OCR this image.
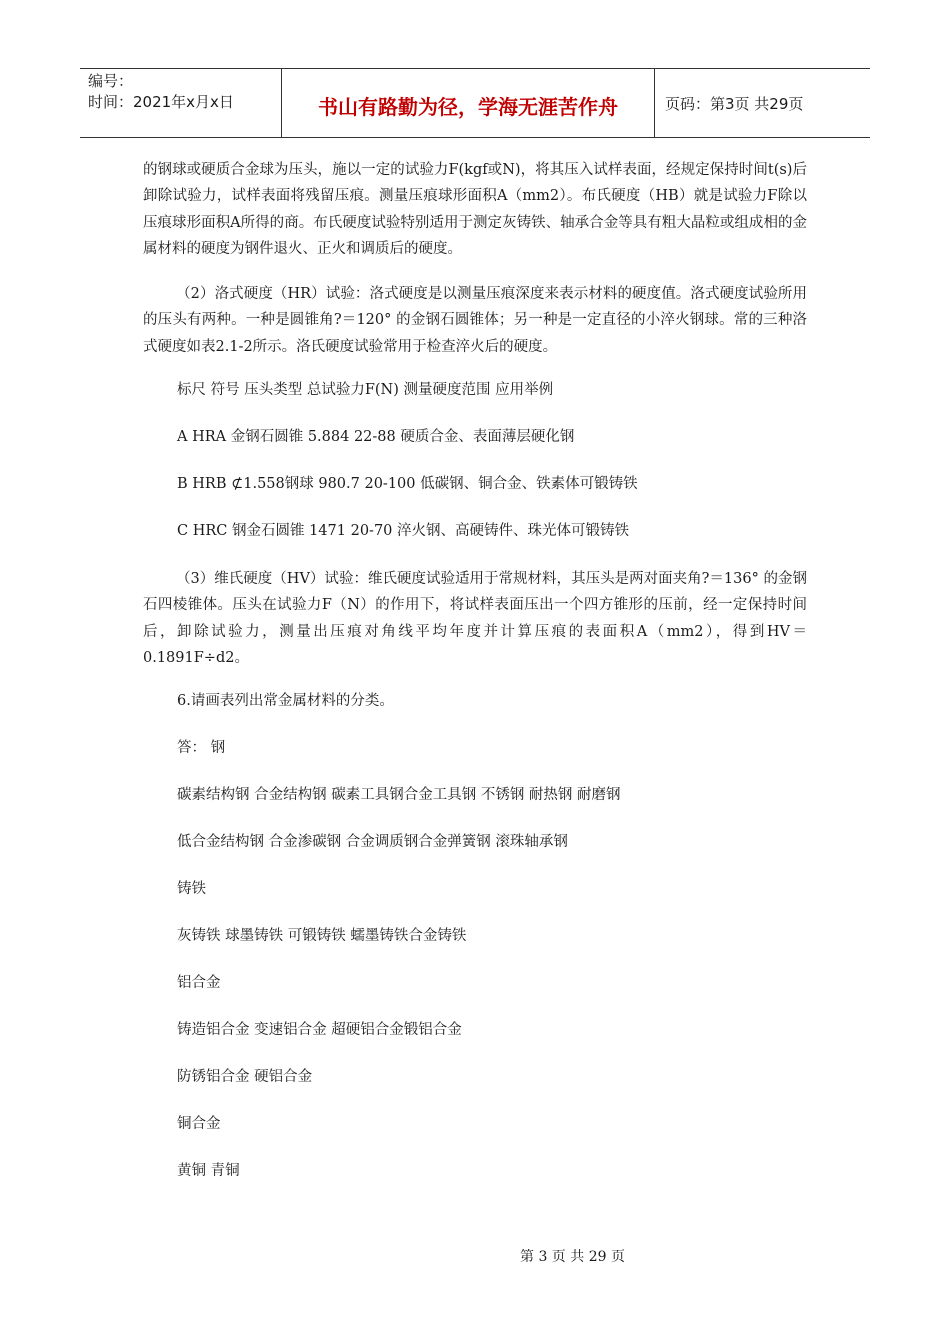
编号：
时间：2021年x月x日	书山有路勤为径，学海无涯苦作舟	页码：第3页 共29页

的钢球或硬质合金球为压头，施以一定的试验力F(kgf或N)，将其压入试样表面，经规定保持时间t(s)后卸除试验力，试样表面将残留压痕。测量压痕球形面积A（mm2）。布氏硬度（HB）就是试验力F除以压痕球形面积A所得的商。布氏硬度试验特别适用于测定灰铸铁、轴承合金等具有粗大晶粒或组成相的金属材料的硬度为钢件退火、正火和调质后的硬度。

（2）洛式硬度（HR）试验：洛式硬度是以测量压痕深度来表示材料的硬度值。洛式硬度试验所用的压头有两种。一种是圆锥角?＝120° 的金钢石圆锥体；另一种是一定直径的小淬火钢球。常的三种洛式硬度如表2.1-2所示。洛氏硬度试验常用于检查淬火后的硬度。

标尺 符号 压头类型 总试验力F(N) 测量硬度范围 应用举例

A HRA 金钢石圆锥 5.884 22-88 硬质合金、表面薄层硬化钢

B HRB ⊄1.558钢球 980.7 20-100 低碳钢、铜合金、铁素体可锻铸铁

C HRC 钢金石圆锥 1471 20-70 淬火钢、高硬铸件、珠光体可锻铸铁

（3）维氏硬度（HV）试验：维氏硬度试验适用于常规材料，其压头是两对面夹角?＝136° 的金钢石四棱锥体。压头在试验力F（N）的作用下，将试样表面压出一个四方锥形的压前，经一定保持时间后，卸除试验力，测量出压痕对角线平均年度并计算压痕的表面积A（mm2），得到HV＝0.1891F÷d2。

6.请画表列出常金属材料的分类。

答： 钢

碳素结构钢 合金结构钢 碳素工具钢合金工具钢 不锈钢 耐热钢 耐磨钢

低合金结构钢 合金渗碳钢 合金调质钢合金弹簧钢 滚珠轴承钢

铸铁

灰铸铁 球墨铸铁 可锻铸铁 蠕墨铸铁合金铸铁

铝合金

铸造铝合金 变速铝合金 超硬铝合金锻铝合金

防锈铝合金 硬铝合金

铜合金

黄铜 青铜

第 3 页 共 29 页
